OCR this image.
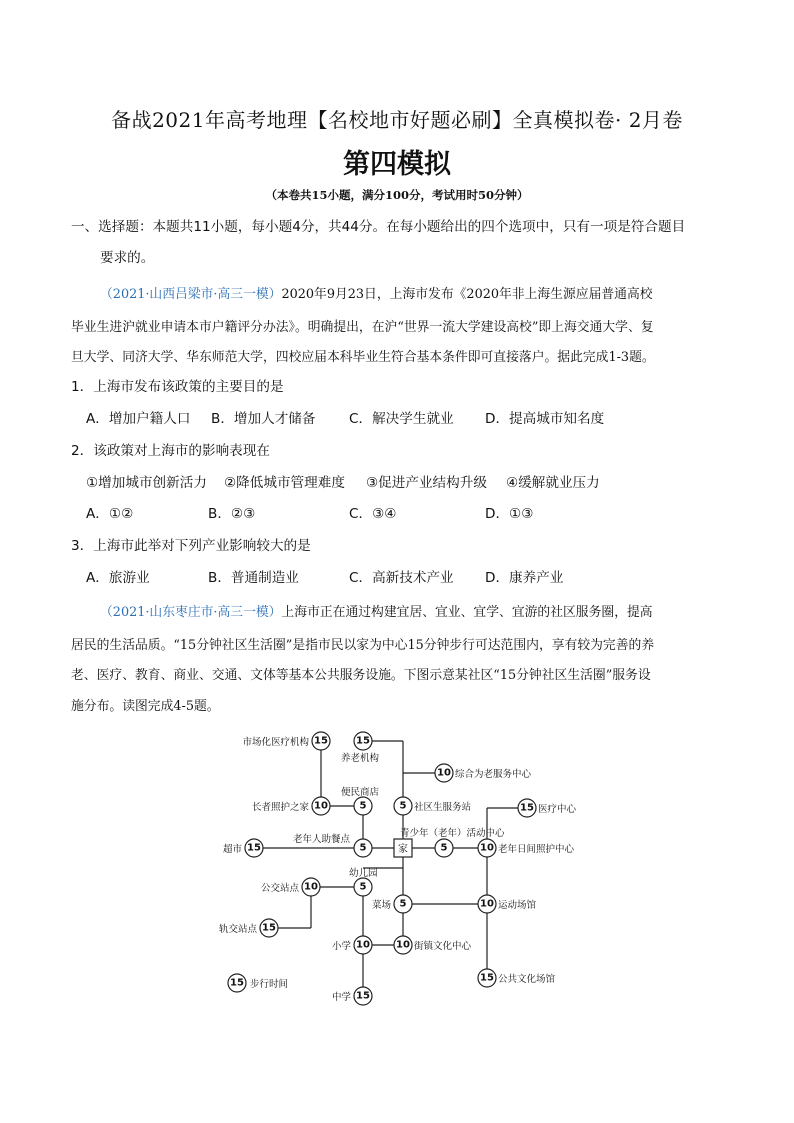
备战2021年高考地理【名校地市好题必刷】全真模拟卷· 2月卷
第四模拟
（本卷共15小题，满分100分，考试用时50分钟）
一、选择题：本题共11小题，每小题4分，共44分。在每小题给出的四个选项中，只有一项是符合题目
要求的。
（2021·山西吕梁市·高三一模）2020年9月23日，上海市发布《2020年非上海生源应届普通高校
毕业生进沪就业申请本市户籍评分办法》。明确提出，在沪“世界一流大学建设高校”即上海交通大学、复
旦大学、同济大学、华东师范大学，四校应届本科毕业生符合基本条件即可直接落户。据此完成1-3题。
1．上海市发布该政策的主要目的是
A．增加户籍人口	B．增加人才储备	C．解决学生就业	D．提高城市知名度
2．该政策对上海市的影响表现在
①增加城市创新活力	②降低城市管理难度	③促进产业结构升级	④缓解就业压力
A．①②	B．②③	C．③④	D．①③
3．上海市此举对下列产业影响较大的是
A．旅游业	B．普通制造业	C．高新技术产业	D．康养产业
（2021·山东枣庄市·高三一模）上海市正在通过构建宜居、宜业、宜学、宜游的社区服务圈，提高
居民的生活品质。“15分钟社区生活圈”是指市民以家为中心15分钟步行可达范围内，享有较为完善的养
老、医疗、教育、商业、交通、文体等基本公共服务设施。下图示意某社区“15分钟社区生活圈”服务设
施分布。读图完成4-5题。
家
15
市场化医疗机构	15
养老机构
10 综合为老服务中心
15 医疗中心
10
长者照护之家	5
便民商店
5 社区生服务站
15
超市	5
老年人助餐点
5
青少年（老年）活动中心
10 老年日间照护中心
10
公交站点	5
幼儿园
5
菜场	10 运动场馆
15
轨交站点
10
小学	10 街镇文化中心
15 公共文化场馆
15
中学
15 步行时间
